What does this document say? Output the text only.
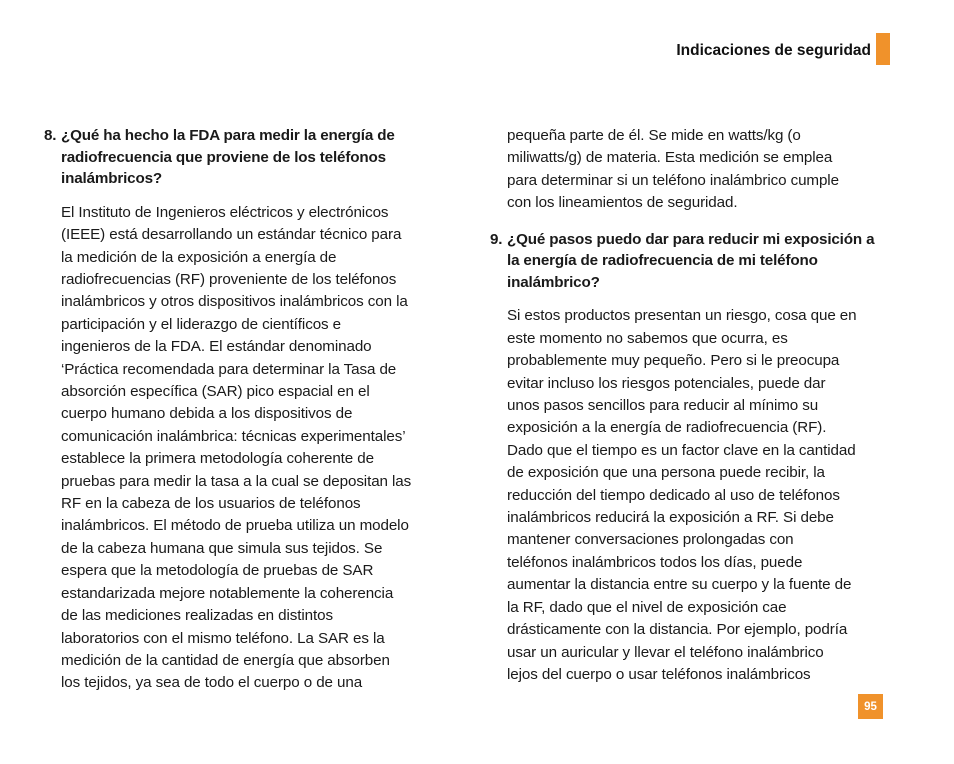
Indicaciones de seguridad
8. ¿Qué ha hecho la FDA para medir la energía de
radiofrecuencia que proviene de los teléfonos
inalámbricos?
El Instituto de Ingenieros eléctricos y electrónicos
(IEEE) está desarrollando un estándar técnico para
la medición de la exposición a energía de
radiofrecuencias (RF) proveniente de los teléfonos
inalámbricos y otros dispositivos inalámbricos con la
participación y el liderazgo de científicos e
ingenieros de la FDA. El estándar denominado
‘Práctica recomendada para determinar la Tasa de
absorción específica (SAR) pico espacial en el
cuerpo humano debida a los dispositivos de
comunicación inalámbrica: técnicas experimentales’
establece la primera metodología coherente de
pruebas para medir la tasa a la cual se depositan las
RF en la cabeza de los usuarios de teléfonos
inalámbricos. El método de prueba utiliza un modelo
de la cabeza humana que simula sus tejidos. Se
espera que la metodología de pruebas de SAR
estandarizada mejore notablemente la coherencia
de las mediciones realizadas en distintos
laboratorios con el mismo teléfono. La SAR es la
medición de la cantidad de energía que absorben
los tejidos, ya sea de todo el cuerpo o de una
pequeña parte de él. Se mide en watts/kg (o
miliwatts/g) de materia. Esta medición se emplea
para determinar si un teléfono inalámbrico cumple
con los lineamientos de seguridad.
9. ¿Qué pasos puedo dar para reducir mi exposición a
la energía de radiofrecuencia de mi teléfono
inalámbrico?
Si estos productos presentan un riesgo, cosa que en
este momento no sabemos que ocurra, es
probablemente muy pequeño. Pero si le preocupa
evitar incluso los riesgos potenciales, puede dar
unos pasos sencillos para reducir al mínimo su
exposición a la energía de radiofrecuencia (RF).
Dado que el tiempo es un factor clave en la cantidad
de exposición que una persona puede recibir, la
reducción del tiempo dedicado al uso de teléfonos
inalámbricos reducirá la exposición a RF. Si debe
mantener conversaciones prolongadas con
teléfonos inalámbricos todos los días, puede
aumentar la distancia entre su cuerpo y la fuente de
la RF, dado que el nivel de exposición cae
drásticamente con la distancia. Por ejemplo, podría
usar un auricular y llevar el teléfono inalámbrico
lejos del cuerpo o usar teléfonos inalámbricos
95
